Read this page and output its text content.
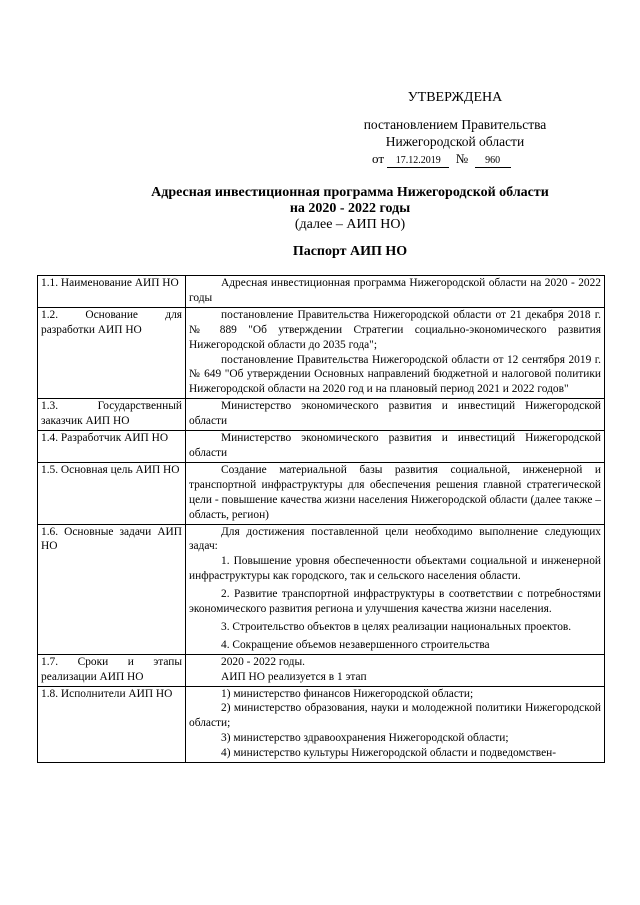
УТВЕРЖДЕНА
постановлением Правительства
Нижегородской области
от 17.12.2019 № 960
Адресная инвестиционная программа Нижегородской области
на 2020 - 2022 годы
(далее – АИП НО)
Паспорт АИП НО
1.1. Наименование АИП НО	Адресная инвестиционная программа Нижегородской области на 2020 - 2022 годы

1.2. Основание для разработки АИП НО	постановление Правительства Нижегородской области от 21 декабря 2018 г. № 889 "Об утверждении Стратегии социально-экономического развития Нижегородской области до 2035 года";
постановление Правительства Нижегородской области от 12 сентября 2019 г. № 649 "Об утверждении Основных направлений бюджетной и налоговой политики Нижегородской области на 2020 год и на плановый период 2021 и 2022 годов"

1.3. Государственный заказчик АИП НО	Министерство экономического развития и инвестиций Нижегородской области

1.4. Разработчик АИП НО	Министерство экономического развития и инвестиций Нижегородской области

1.5. Основная цель АИП НО	Создание материальной базы развития социальной, инженерной и транспортной инфраструктуры для обеспечения решения главной стратегической цели - повышение качества жизни населения Нижегородской области (далее также – область, регион)

1.6. Основные задачи АИП НО	Для достижения поставленной цели необходимо выполнение следующих задач:
1. Повышение уровня обеспеченности объектами социальной и инженерной инфраструктуры как городского, так и сельского населения области.
2. Развитие транспортной инфраструктуры в соответствии с потребностями экономического развития региона и улучшения качества жизни населения.
3. Строительство объектов в целях реализации национальных проектов.
4. Сокращение объемов незавершенного строительства

1.7. Сроки и этапы реализации АИП НО	2020 - 2022 годы.
АИП НО реализуется в 1 этап

1.8. Исполнители АИП НО	1) министерство финансов Нижегородской области;
2) министерство образования, науки и молодежной политики Нижегородской области;
3) министерство здравоохранения Нижегородской области;
4) министерство культуры Нижегородской области и подведомствен-
